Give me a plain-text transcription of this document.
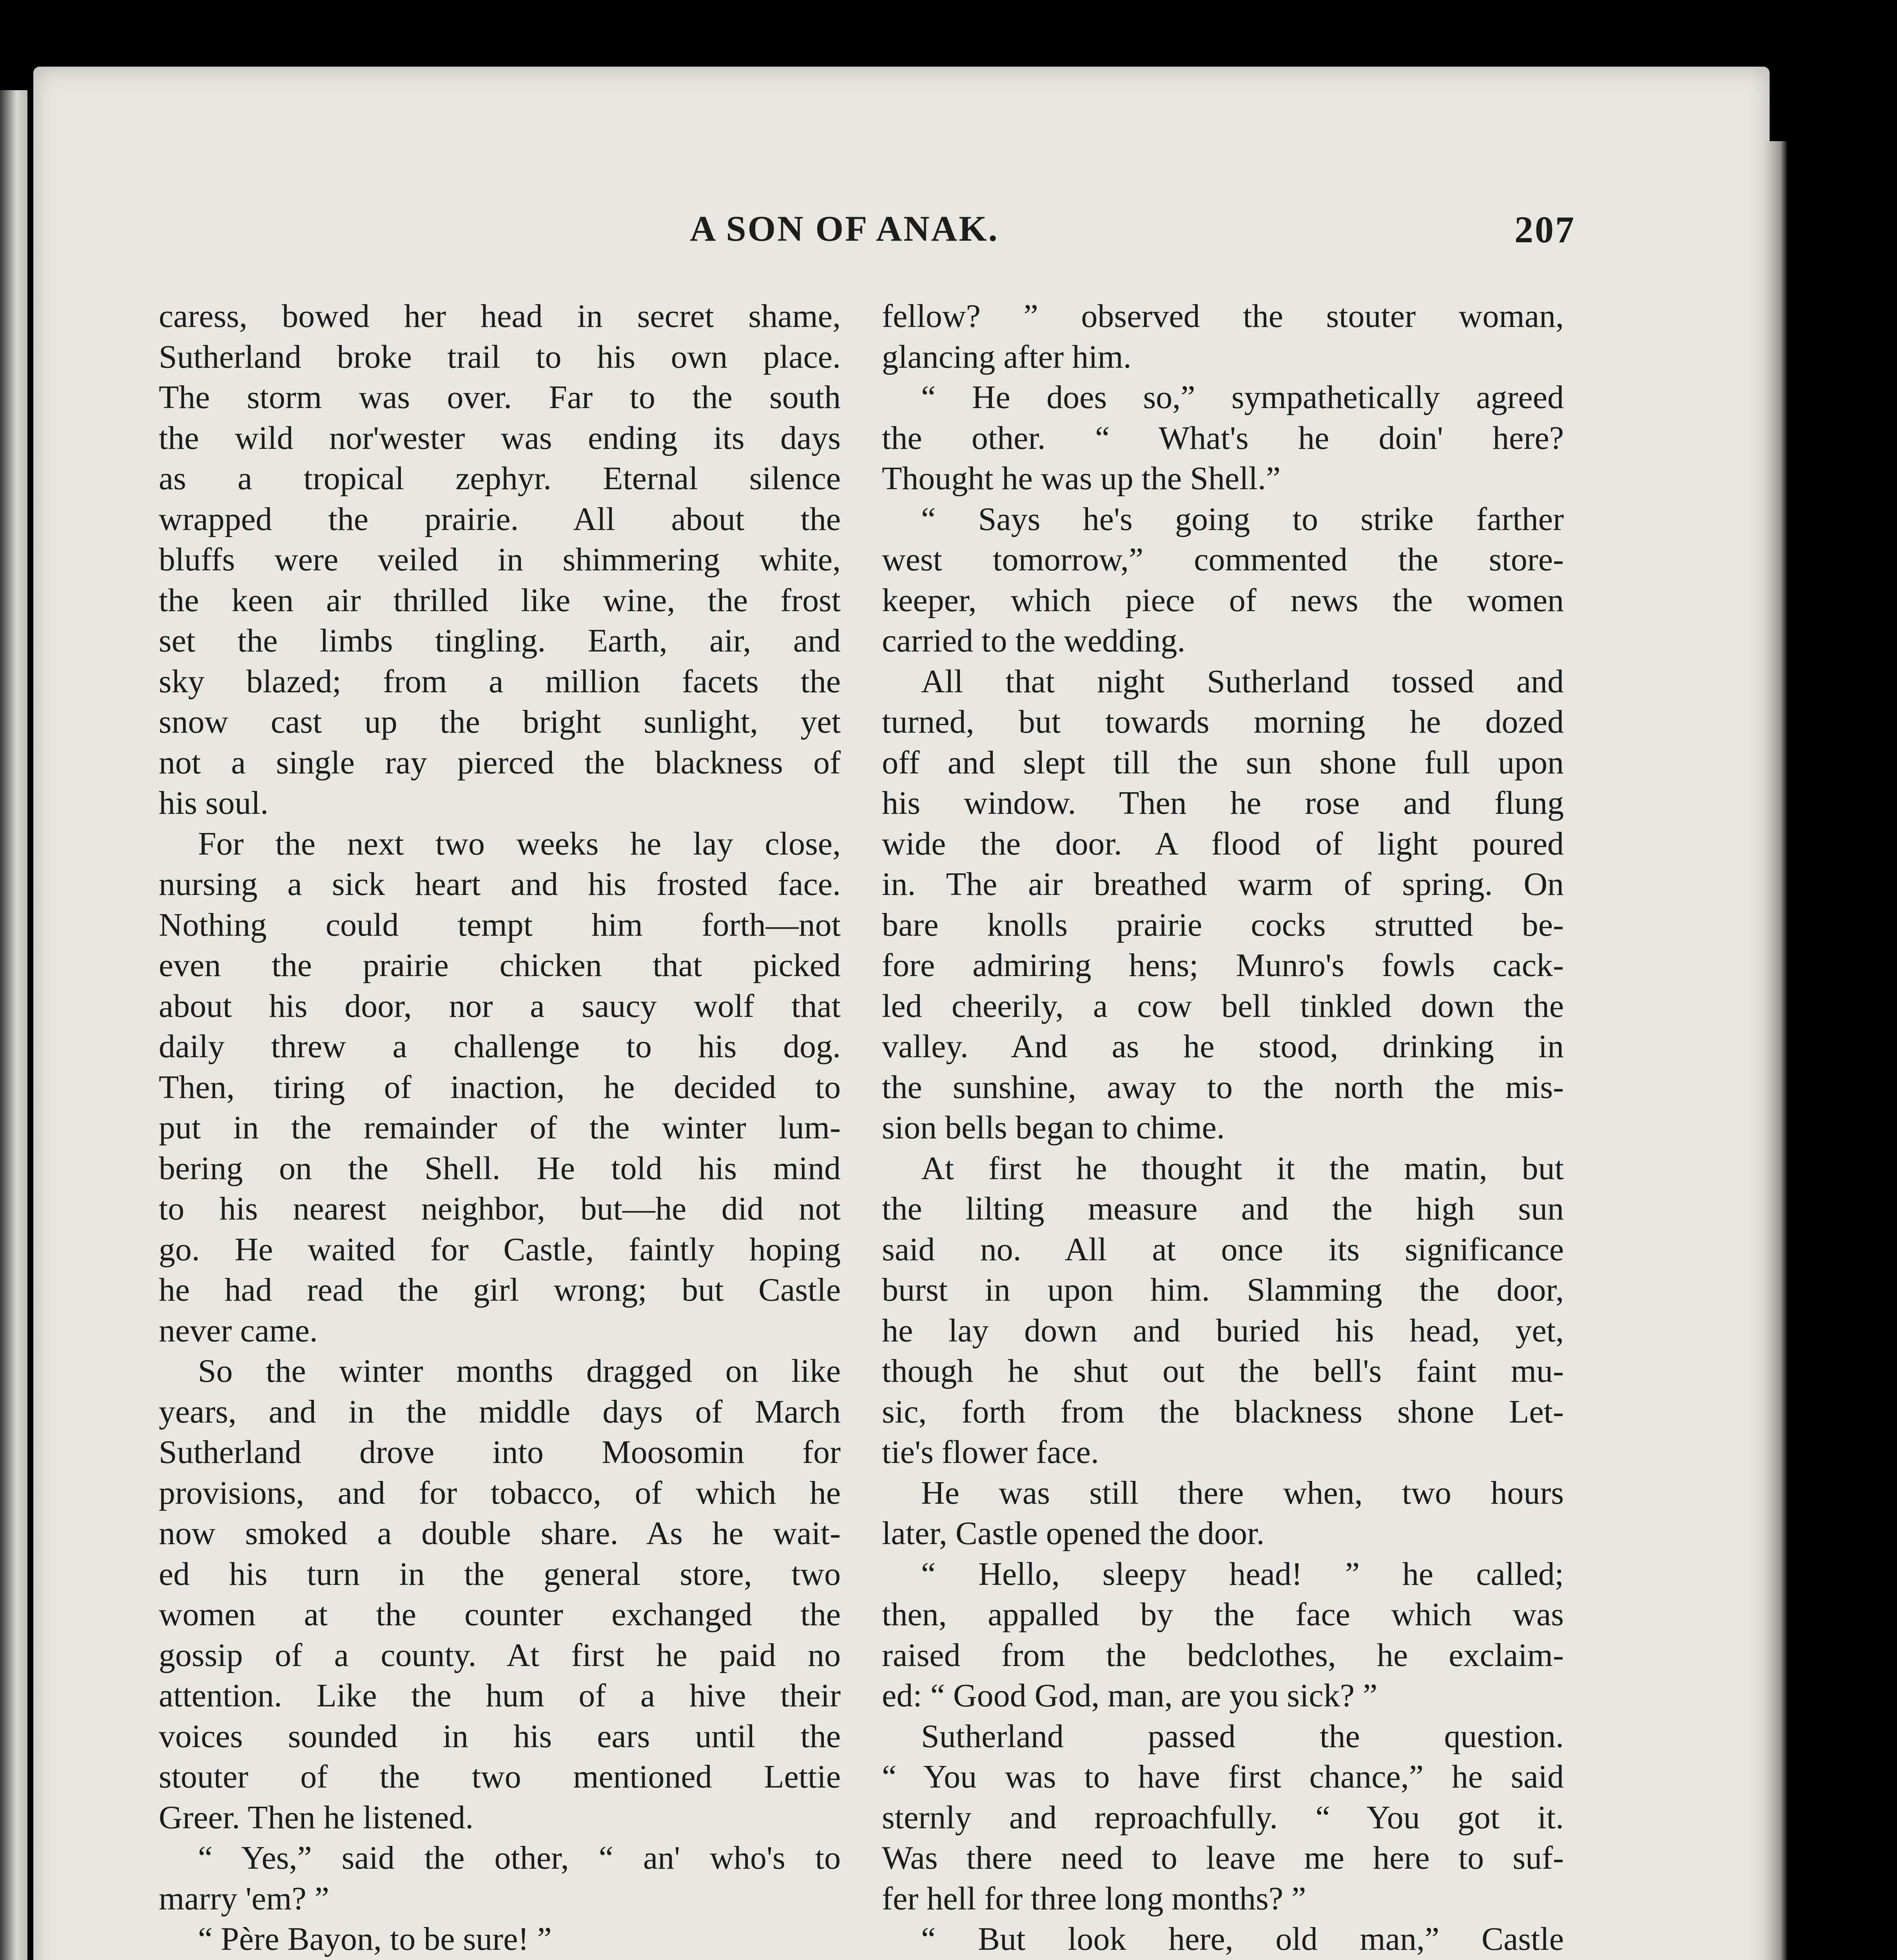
A SON OF ANAK.	207
caress, bowed her head in secret shame,
Sutherland broke trail to his own place.
The storm was over. Far to the south
the wild nor'wester was ending its days
as a tropical zephyr. Eternal silence
wrapped the prairie. All about the
bluffs were veiled in shimmering white,
the keen air thrilled like wine, the frost
set the limbs tingling. Earth, air, and
sky blazed; from a million facets the
snow cast up the bright sunlight, yet
not a single ray pierced the blackness of
his soul.
For the next two weeks he lay close,
nursing a sick heart and his frosted face.
Nothing could tempt him forth—not
even the prairie chicken that picked
about his door, nor a saucy wolf that
daily threw a challenge to his dog.
Then, tiring of inaction, he decided to
put in the remainder of the winter lum-
bering on the Shell. He told his mind
to his nearest neighbor, but—he did not
go. He waited for Castle, faintly hoping
he had read the girl wrong; but Castle
never came.
So the winter months dragged on like
years, and in the middle days of March
Sutherland drove into Moosomin for
provisions, and for tobacco, of which he
now smoked a double share. As he wait-
ed his turn in the general store, two
women at the counter exchanged the
gossip of a county. At first he paid no
attention. Like the hum of a hive their
voices sounded in his ears until the
stouter of the two mentioned Lettie
Greer. Then he listened.
“ Yes,” said the other, “ an' who's to
marry 'em? ”
“ Père Bayon, to be sure! ”
fellow? ” observed the stouter woman,
glancing after him.
“ He does so,” sympathetically agreed
the other. “ What's he doin' here?
Thought he was up the Shell.”
“ Says he's going to strike farther
west tomorrow,” commented the store-
keeper, which piece of news the women
carried to the wedding.
All that night Sutherland tossed and
turned, but towards morning he dozed
off and slept till the sun shone full upon
his window. Then he rose and flung
wide the door. A flood of light poured
in. The air breathed warm of spring. On
bare knolls prairie cocks strutted be-
fore admiring hens; Munro's fowls cack-
led cheerily, a cow bell tinkled down the
valley. And as he stood, drinking in
the sunshine, away to the north the mis-
sion bells began to chime.
At first he thought it the matin, but
the lilting measure and the high sun
said no. All at once its significance
burst in upon him. Slamming the door,
he lay down and buried his head, yet,
though he shut out the bell's faint mu-
sic, forth from the blackness shone Let-
tie's flower face.
He was still there when, two hours
later, Castle opened the door.
“ Hello, sleepy head! ” he called;
then, appalled by the face which was
raised from the bedclothes, he exclaim-
ed: “ Good God, man, are you sick? ”
Sutherland passed the question.
“ You was to have first chance,” he said
sternly and reproachfully. “ You got it.
Was there need to leave me here to suf-
fer hell for three long months? ”
“ But look here, old man,” Castle
